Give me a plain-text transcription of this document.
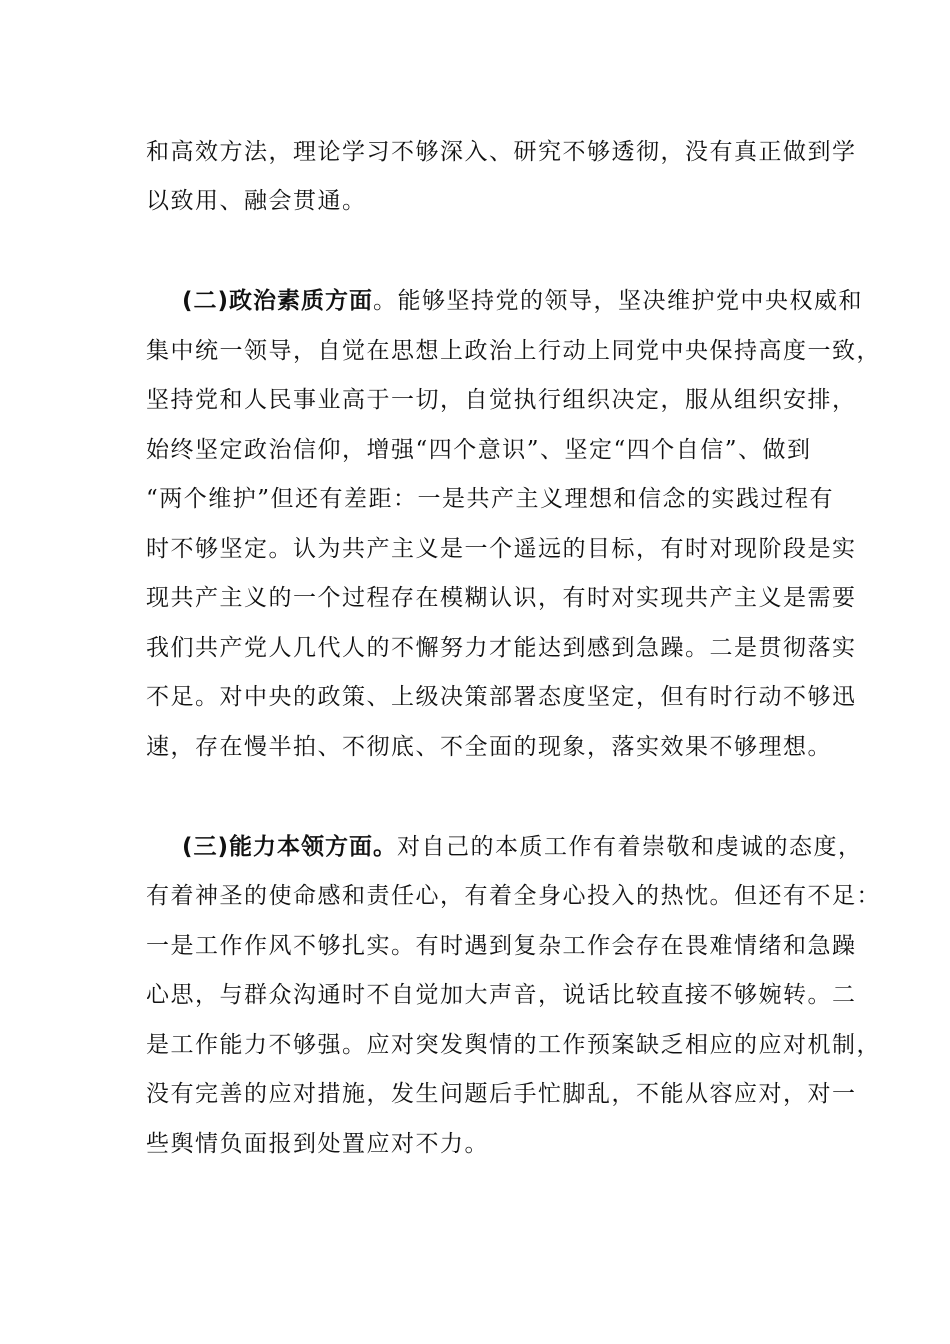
和高效方法，理论学习不够深入、研究不够透彻，没有真正做到学
以致用、融会贯通。
(二)政治素质方面。能够坚持党的领导，坚决维护党中央权威和
集中统一领导，自觉在思想上政治上行动上同党中央保持高度一致，
坚持党和人民事业高于一切，自觉执行组织决定，服从组织安排，
始终坚定政治信仰，增强“四个意识”、坚定“四个自信”、做到
“两个维护”但还有差距：一是共产主义理想和信念的实践过程有
时不够坚定。认为共产主义是一个遥远的目标，有时对现阶段是实
现共产主义的一个过程存在模糊认识，有时对实现共产主义是需要
我们共产党人几代人的不懈努力才能达到感到急躁。二是贯彻落实
不足。对中央的政策、上级决策部署态度坚定，但有时行动不够迅
速，存在慢半拍、不彻底、不全面的现象，落实效果不够理想。
(三)能力本领方面。对自己的本质工作有着崇敬和虔诚的态度，
有着神圣的使命感和责任心，有着全身心投入的热忱。但还有不足：
一是工作作风不够扎实。有时遇到复杂工作会存在畏难情绪和急躁
心思，与群众沟通时不自觉加大声音，说话比较直接不够婉转。二
是工作能力不够强。应对突发舆情的工作预案缺乏相应的应对机制，
没有完善的应对措施，发生问题后手忙脚乱，不能从容应对，对一
些舆情负面报到处置应对不力。
